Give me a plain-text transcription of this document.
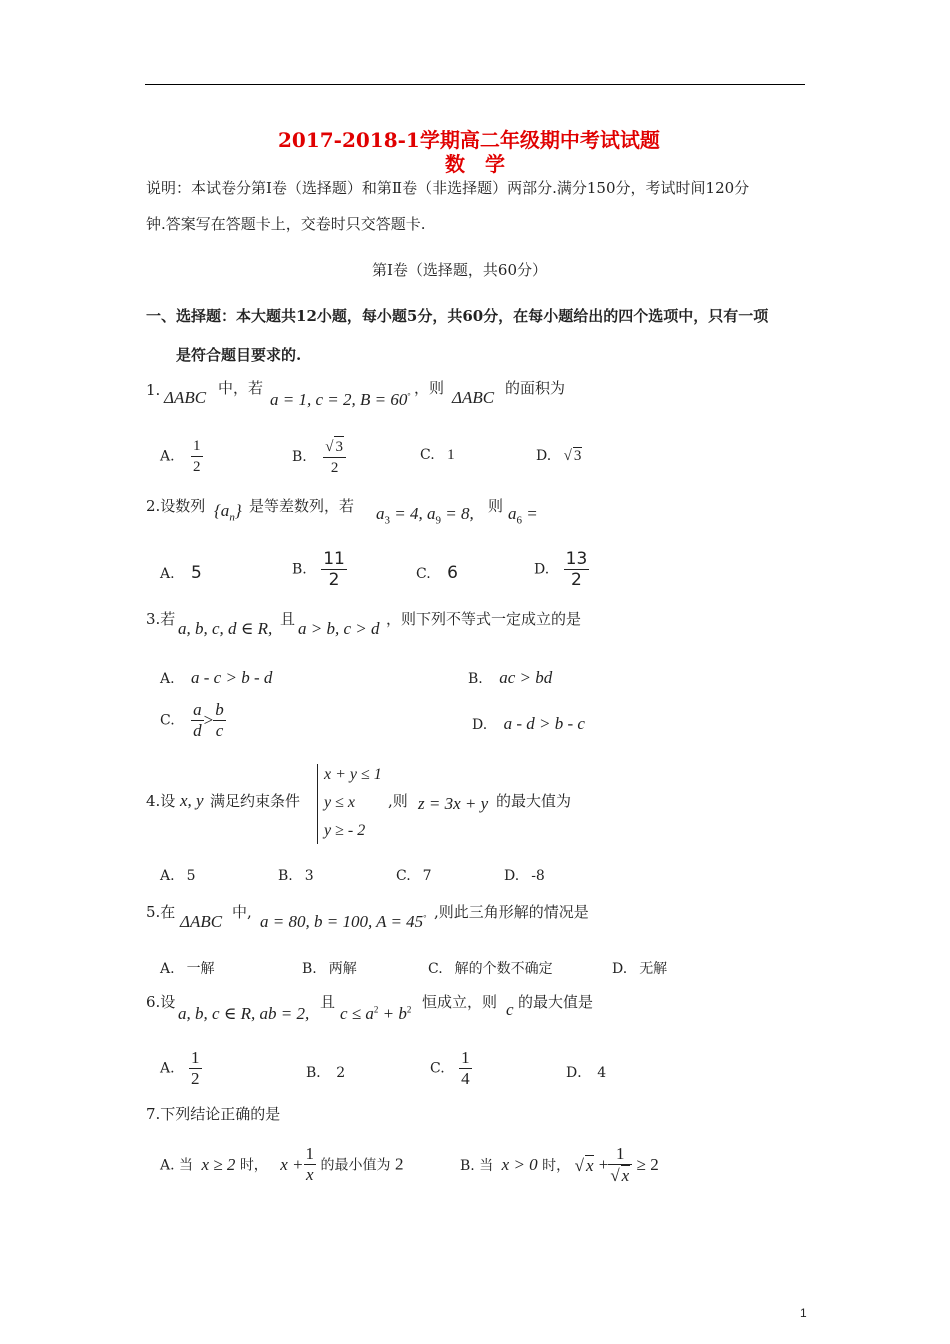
2017-2018-1学期高二年级期中考试试题
数　学
说明：本试卷分第Ⅰ卷（选择题）和第Ⅱ卷（非选择题）两部分.满分150分，考试时间120分
钟.答案写在答题卡上，交卷时只交答题卡.
第Ⅰ卷（选择题，共60分）
一、选择题：本大题共12小题，每小题5分，共60分，在每小题给出的四个选项中，只有一项
是符合题目要求的.
1. ΔABC 中，若
a = 1, c = 2, B = 60° ，则 ΔABC 的面积为
A. $\frac{1}{2}$	B. $\frac{√ 3}{2}$	C. 1	D. √ 3
2.设数列 $\{a_n\}$ 是等差数列，若 $a_3 = 4$, $a_9 = 8$, 则 $a_6$ =
A. 5	B. $\frac{11}{2}$	C. 6	D. $\frac{13}{2}$
3.若 a, b, c, d ∈ R, 且 a > b, c > d ，则下列不等式一定成立的是
A. a - c > b - d	B. ac > bd
C. $\frac{a}{d} > \frac{b}{c}$	D. a - d > b - c
4.设 x, y 满足约束条件
x + y ≤ 1
y ≤ x
y ≥ - 2
,则 z = 3x + y 的最大值为
A. 5	B. 3	C. 7	D. -8
5.在 ΔABC 中, a = 80, b = 100, A = 45° ,则此三角形解的情况是
A. 一解	B. 两解	C. 解的个数不确定	D. 无解
6.设
a, b, c ∈ R, ab = 2,
且
$c \le a^2 + b^2$ 恒成立，则 c 的最大值是
A. $\frac{1}{2}$	B． 2	C. $\frac{1}{4}$	D． 4
7.下列结论正确的是
A. 当 x ≥ 2 时， $x + \frac{1}{x}$ 的最小值为 2	B. 当 x > 0 时， √ $x + \frac{1}{√ x} \ge 2$
1
